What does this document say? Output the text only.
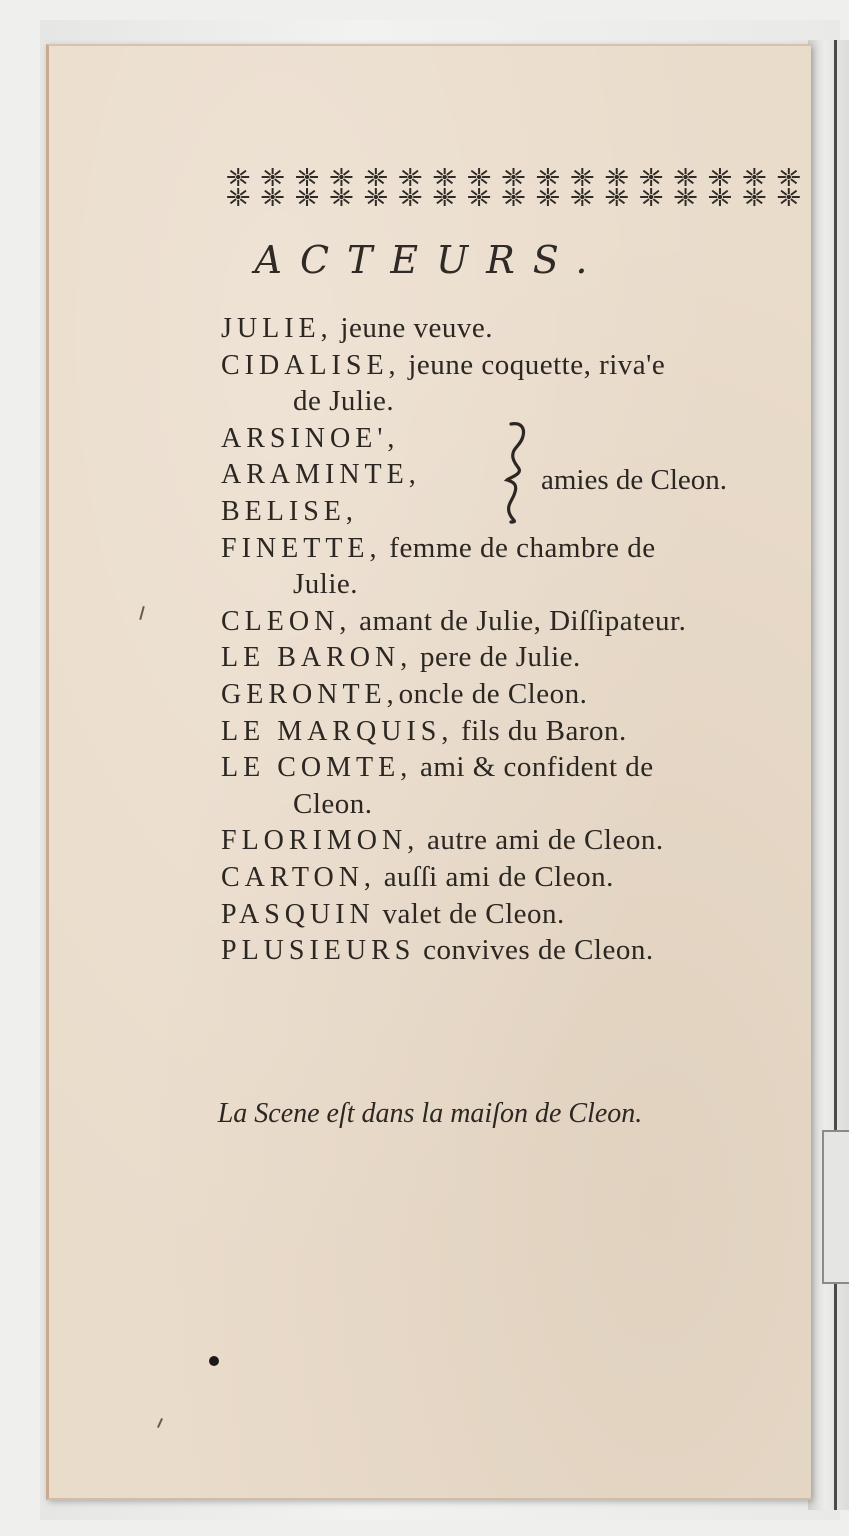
ACTEURS.
JULIE, jeune veuve.
CIDALISE, jeune coquette, riva'e
de Julie.
ARSINOE',
ARAMINTE,
BELISE,
FINETTE, femme de chambre de
Julie.
CLEON, amant de Julie, Diſſipateur.
LE BARON, pere de Julie.
GERONTE,oncle de Cleon.
LE MARQUIS, fils du Baron.
LE COMTE, ami & confident de
Cleon.
FLORIMON, autre ami de Cleon.
CARTON, auſſi ami de Cleon.
PASQUIN valet de Cleon.
PLUSIEURS convives de Cleon.
amies de Cleon.

La Scene eſt dans la maiſon de Cleon.
